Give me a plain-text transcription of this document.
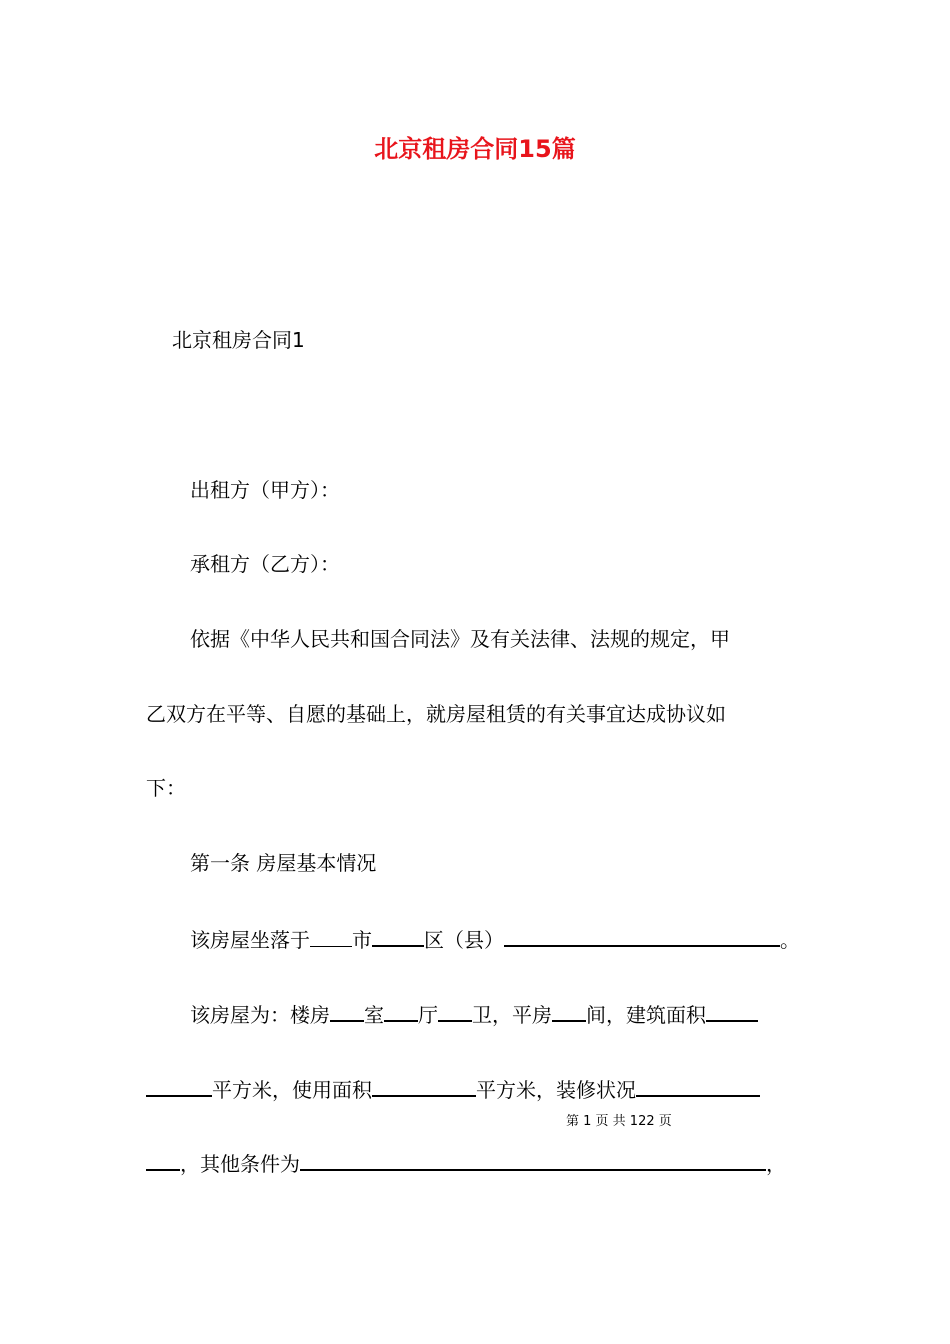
北京租房合同15篇
北京租房合同1
出租方（甲方）：
承租方（乙方）：
依据《中华人民共和国合同法》及有关法律、法规的规定，甲
乙双方在平等、自愿的基础上，就房屋租赁的有关事宜达成协议如
下：
第一条 房屋基本情况
该房屋坐落于 市	区（县）	。
该房屋为：楼房 室 厅 卫，平房 间，建筑面积
平方米，使用面积	平方米，装修状况
第 1 页 共 122 页
，其他条件为	，
